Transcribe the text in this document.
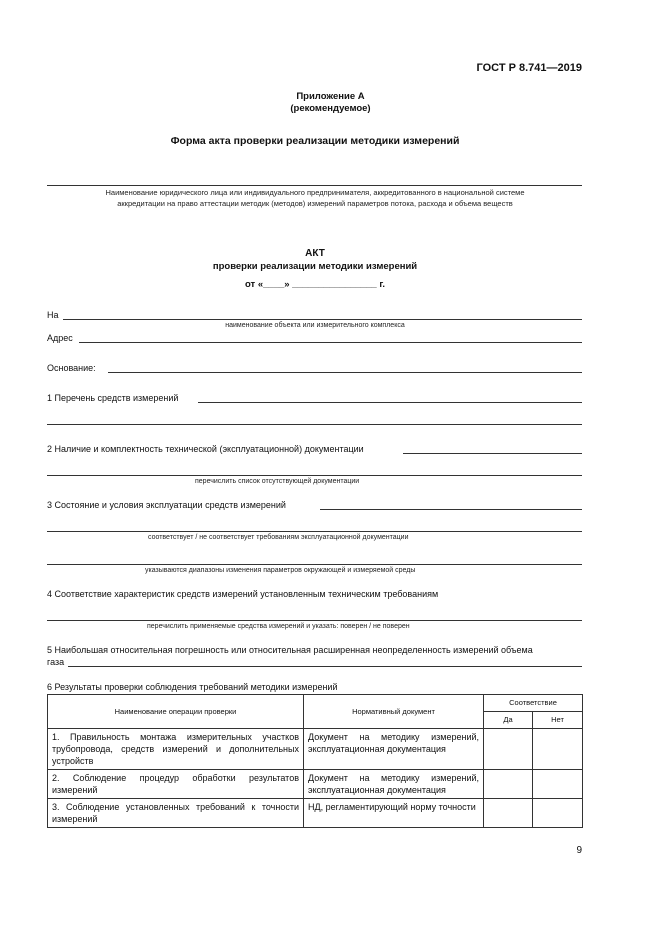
ГОСТ Р 8.741—2019
Приложение А
(рекомендуемое)
Форма акта проверки реализации методики измерений
Наименование юридического лица или индивидуального предпринимателя, аккредитованного в национальной системе
аккредитации на право аттестации методик (методов) измерений параметров потока, расхода и объема веществ
АКТ
проверки реализации методики измерений
от «____» ________________ г.
На
наименование объекта или измерительного комплекса
Адрес
Основание:
1 Перечень средств измерений
2 Наличие и комплектность технической (эксплуатационной) документации
перечислить список отсутствующей документации
3 Состояние и условия эксплуатации средств измерений
соответствует / не соответствует требованиям эксплуатационной документации
указываются диапазоны изменения параметров окружающей и измеряемой среды
4 Соответствие характеристик средств измерений установленным техническим требованиям
перечислить применяемые средства измерений и указать: поверен / не поверен
5 Наибольшая относительная погрешность или относительная расширенная неопределенность измерений объема
газа
6 Результаты проверки соблюдения требований методики измерений
Наименование операции проверки	Нормативный документ	Соответствие	
		Да	Нет
1. Правильность монтажа измерительных участков трубопровода, средств измерений и дополнительных устройств	Документ на методику измерений, эксплуатационная документация		
2. Соблюдение процедур обработки результатов измерений	Документ на методику измерений, эксплуатационная документация		
3. Соблюдение установленных требований к точности измерений	НД, регламентирующий норму точности		
9
